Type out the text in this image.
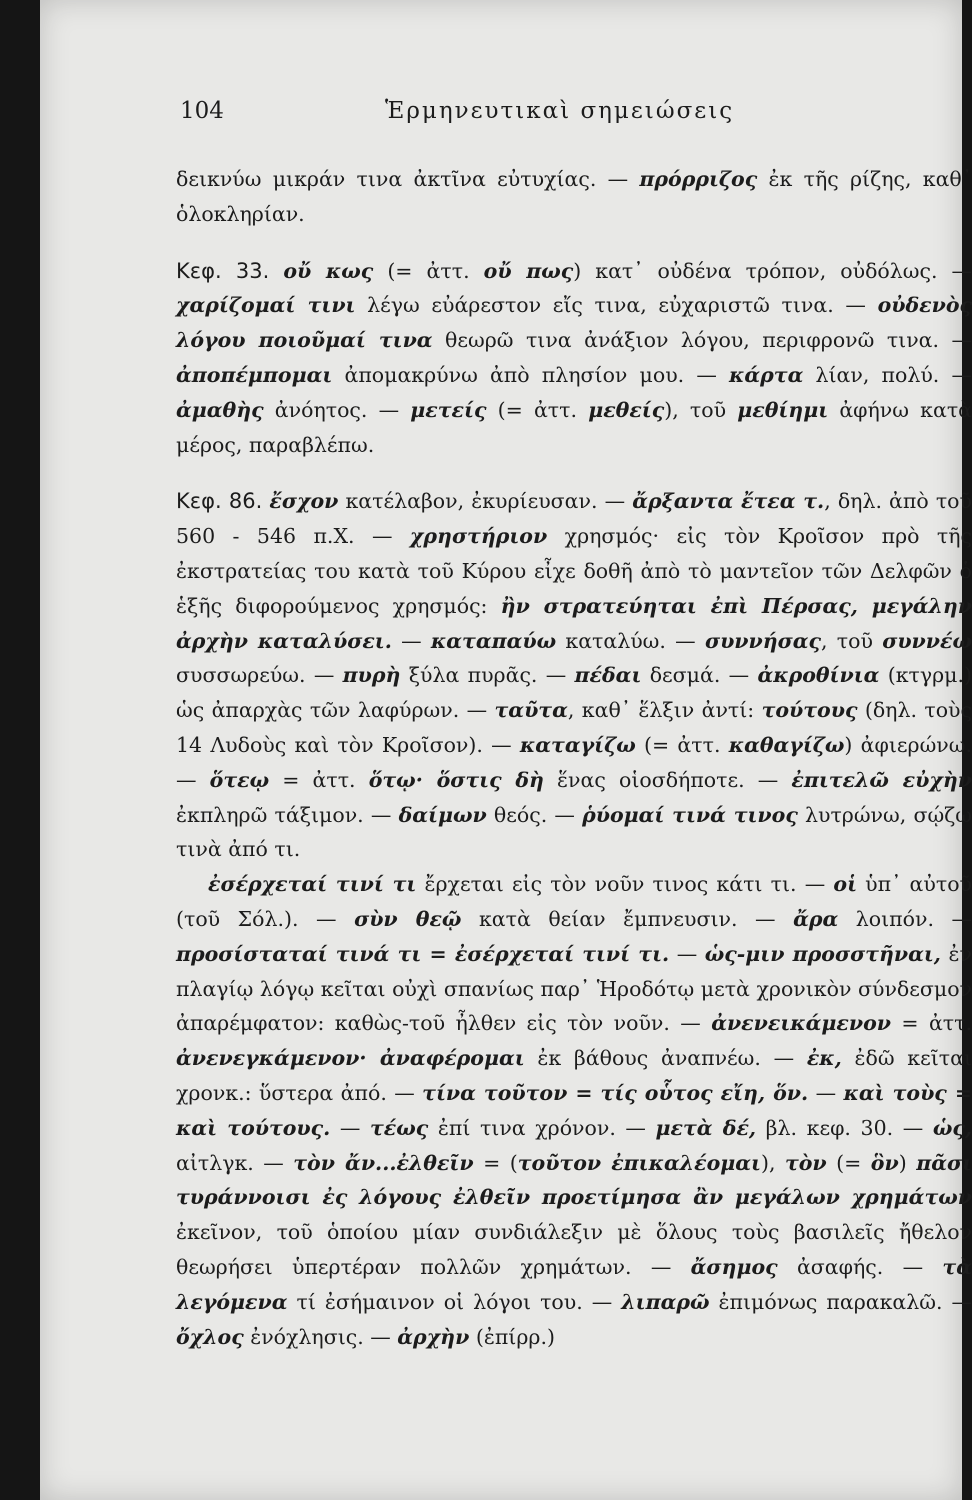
104	Ἑρμηνευτικαὶ σημειώσεις

δεικνύω μικράν τινα ἀκτῖνα εὐτυχίας. — πρόρριζος ἐκ τῆς ρίζης, καθ᾽ ὁλοκληρίαν.

Κεφ. 33. οὔ κως (= ἀττ. οὔ πως) κατ᾽ οὐδένα τρόπον, οὐδόλως. — χαρίζομαί τινι λέγω εὐάρεστον εἴς τινα, εὐχαριστῶ τινα. — οὐδενὸς λόγου ποιοῦμαί τινα θεωρῶ τινα ἀνάξιον λόγου, περιφρονῶ τινα. — ἀποπέμπομαι ἀπομακρύνω ἀπὸ πλησίον μου. — κάρτα λίαν, πολύ. — ἀμαθὴς ἀνόητος. — μετείς (= ἀττ. μεθείς), τοῦ μεθίημι ἀφήνω κατὰ μέρος, παραβλέπω.

Κεφ. 86. ἔσχον κατέλαβον, ἐκυρίευσαν. — ἄρξαντα ἔτεα τ., δηλ. ἀπὸ τοῦ 560 - 546 π.Χ. — χρηστήριον χρησμός· εἰς τὸν Κροῖσον πρὸ τῆς ἐκστρατείας του κατὰ τοῦ Κύρου εἶχε δοθῆ ἀπὸ τὸ μαντεῖον τῶν Δελφῶν ὁ ἑξῆς διφορούμενος χρησμός: ἢν στρατεύηται ἐπὶ Πέρσας, μεγάλην ἀρχὴν καταλύσει. — καταπαύω καταλύω. — συννήσας, τοῦ συννέω συσσωρεύω. — πυρὴ ξύλα πυρᾶς. — πέδαι δεσμά. — ἀκροθίνια (κτγρμ.) ὡς ἀπαρχὰς τῶν λαφύρων. — ταῦτα, καθ᾽ ἕλξιν ἀντί: τούτους (δηλ. τοὺς 14 Λυδοὺς καὶ τὸν Κροῖσον). — καταγίζω (= ἀττ. καθαγίζω) ἀφιερώνω. — ὅτεῳ = ἀττ. ὅτῳ· ὅστις δὴ ἕνας οἱοσδήποτε. — ἐπιτελῶ εὐχὴν ἐκπληρῶ τάξιμον. — δαίμων θεός. — ῥύομαί τινά τινος λυτρώνω, σῴζω τινὰ ἀπό τι.

ἐσέρχεταί τινί τι ἔρχεται εἰς τὸν νοῦν τινος κάτι τι. — οἱ ὑπ᾽ αὐτοῦ (τοῦ Σόλ.). — σὺν θεῷ κατὰ θείαν ἔμπνευσιν. — ἄρα λοιπόν. — προσίσταταί τινά τι = ἐσέρχεταί τινί τι. — ὡς-μιν προσστῆναι, ἐν πλαγίῳ λόγῳ κεῖται οὐχὶ σπανίως παρ᾽ Ἡροδότῳ μετὰ χρονικὸν σύνδεσμον ἀπαρέμφατον: καθὼς-τοῦ ἦλθεν εἰς τὸν νοῦν. — ἀνενεικάμενον = ἀττ. ἀνενεγκάμενον· ἀναφέρομαι ἐκ βάθους ἀναπνέω. — ἐκ, ἐδῶ κεῖται χρονκ.: ὕστερα ἀπό. — τίνα τοῦτον = τίς οὗτος εἴη, ὅν. — καὶ τοὺς = καὶ τούτους. — τέως ἐπί τινα χρόνον. — μετὰ δέ, βλ. κεφ. 30. — ὡς, αἰτλγκ. — τὸν ἄν...ἐλθεῖν = (τοῦτον ἐπικαλέομαι), τὸν (= ὃν) πᾶσι τυράννοισι ἐς λόγους ἐλθεῖν προετίμησα ἂν μεγάλων χρημάτων ἐκεῖνον, τοῦ ὁποίου μίαν συνδιάλεξιν μὲ ὅλους τοὺς βασιλεῖς ἤθελον θεωρήσει ὑπερτέραν πολλῶν χρημάτων. — ἄσημος ἀσαφής. — τὰ λεγόμενα τί ἐσήμαινον οἱ λόγοι του. — λιπαρῶ ἐπιμόνως παρακαλῶ. — ὄχλος ἐνόχλησις. — ἀρχὴν (ἐπίρρ.)
